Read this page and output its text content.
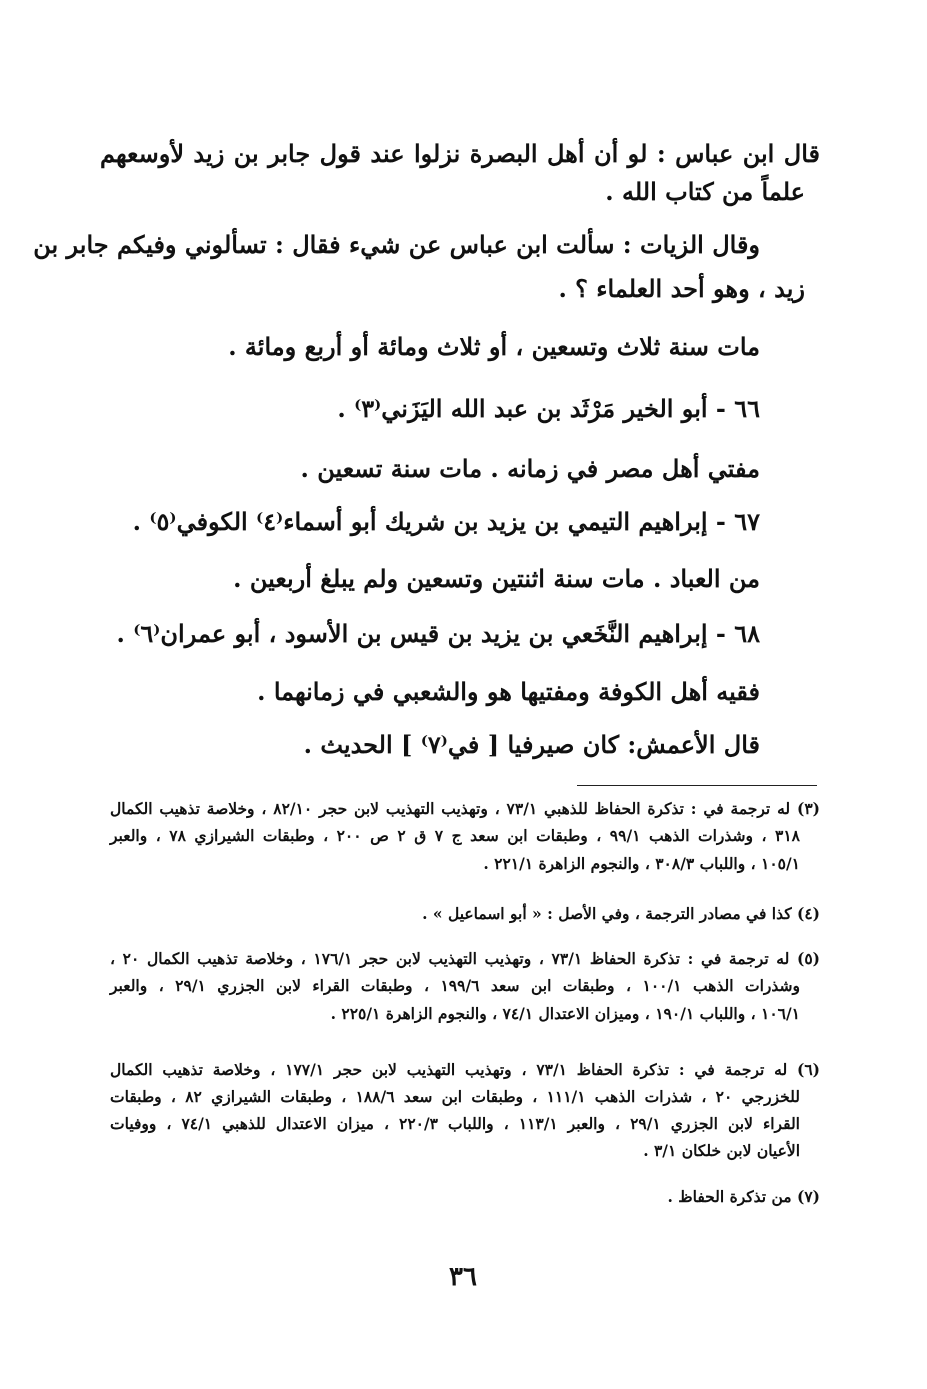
قال ابن عباس : لو أن أهل البصرة نزلوا عند قول جابر بن زيد لأوسعهم
علماً من كتاب الله .
وقال الزيات : سألت ابن عباس عن شيء فقال : تسألوني وفيكم جابر بن
زيد ، وهو أحد العلماء ؟ .
مات سنة ثلاث وتسعين ، أو ثلاث ومائة أو أربع ومائة .
٦٦ - أبو الخير مَرْثَد بن عبد الله اليَزَني⁽٣⁾ .
مفتي أهل مصر في زمانه . مات سنة تسعين .
٦٧ - إبراهيم التيمي بن يزيد بن شريك أبو أسماء⁽٤⁾ الكوفي⁽٥⁾ .
من العباد . مات سنة اثنتين وتسعين ولم يبلغ أربعين .
٦٨ - إبراهيم النَّخَعي بن يزيد بن قيس بن الأسود ، أبو عمران⁽٦⁾ .
فقيه أهل الكوفة ومفتيها هو والشعبي في زمانهما .
قال الأعمش: كان صيرفيا [ في⁽٧⁾ ] الحديث .
(٣) له ترجمة في : تذكرة الحفاظ للذهبي ٧٣/١ ، وتهذيب التهذيب لابن حجر ٨٢/١٠ ، وخلاصة تذهيب الكمال
٣١٨ ، وشذرات الذهب ٩٩/١ ، وطبقات ابن سعد ج ٧ ق ٢ ص ٢٠٠ ، وطبقات الشيرازي ٧٨ ، والعبر
١٠٥/١ ، واللباب ٣٠٨/٣ ، والنجوم الزاهرة ٢٢١/١ .
(٤) كذا في مصادر الترجمة ، وفي الأصل : « أبو اسماعيل » .
(٥) له ترجمة في : تذكرة الحفاظ ٧٣/١ ، وتهذيب التهذيب لابن حجر ١٧٦/١ ، وخلاصة تذهيب الكمال ٢٠ ،
وشذرات الذهب ١٠٠/١ ، وطبقات ابن سعد ١٩٩/٦ ، وطبقات القراء لابن الجزري ٢٩/١ ، والعبر
١٠٦/١ ، واللباب ١٩٠/١ ، وميزان الاعتدال ٧٤/١ ، والنجوم الزاهرة ٢٢٥/١ .
(٦) له ترجمة في : تذكرة الحفاظ ٧٣/١ ، وتهذيب التهذيب لابن حجر ١٧٧/١ ، وخلاصة تذهيب الكمال
للخزرجي ٢٠ ، شذرات الذهب ١١١/١ ، وطبقات ابن سعد ١٨٨/٦ ، وطبقات الشيرازي ٨٢ ، وطبقات
القراء لابن الجزري ٢٩/١ ، والعبر ١١٣/١ ، واللباب ٢٢٠/٣ ، ميزان الاعتدال للذهبي ٧٤/١ ، ووفيات
الأعيان لابن خلكان ٣/١ .
(٧) من تذكرة الحفاظ .
٣٦
